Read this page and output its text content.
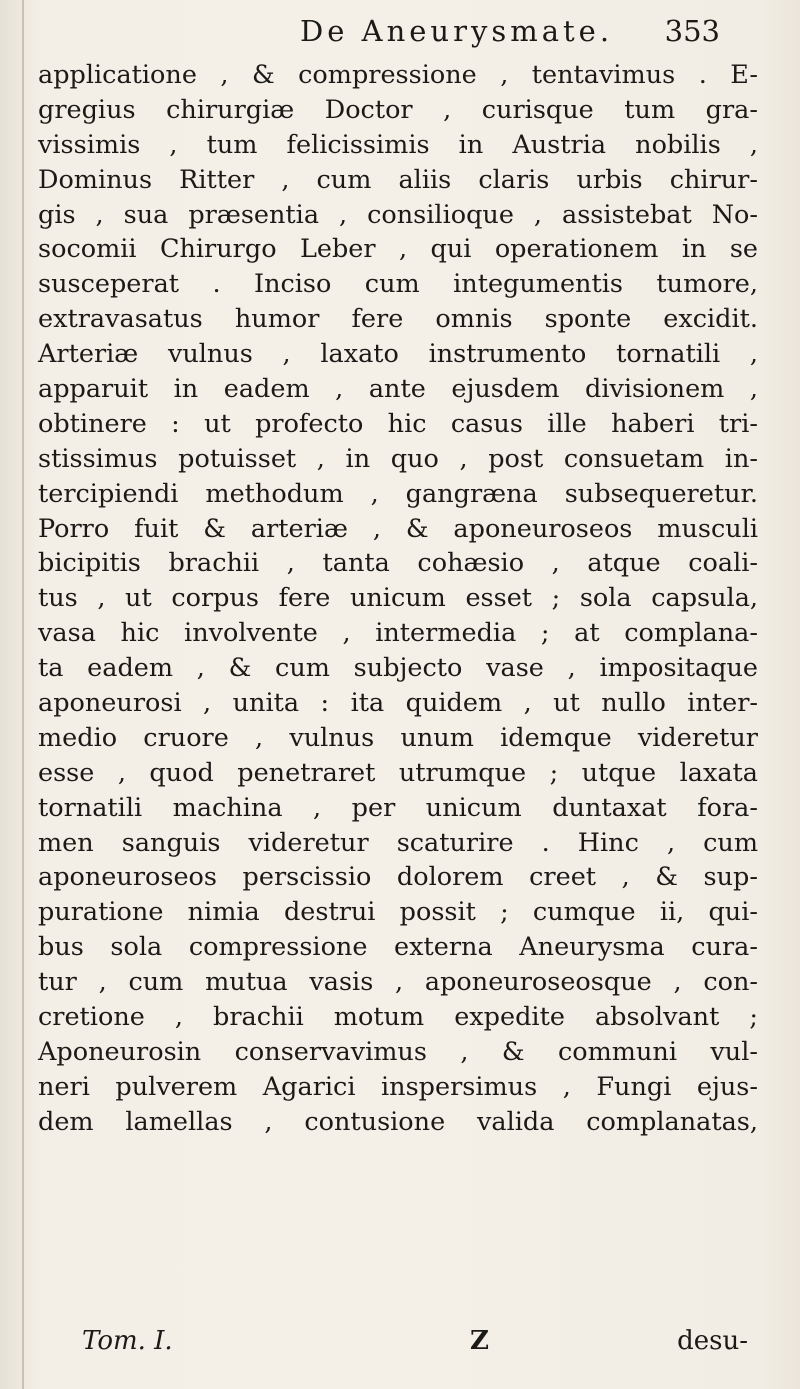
De Aneurysmate. 353
applicatione , & compressione , tentavimus . E-
gregius chirurgiæ Doctor , curisque tum gra-
vissimis , tum felicissimis in Austria nobilis ,
Dominus Ritter , cum aliis claris urbis chirur-
gis , sua præsentia , consilioque , assistebat No-
socomii Chirurgo Leber , qui operationem in se
susceperat . Inciso cum integumentis tumore,
extravasatus humor fere omnis sponte excidit.
Arteriæ vulnus , laxato instrumento tornatili ,
apparuit in eadem , ante ejusdem divisionem ,
obtinere : ut profecto hic casus ille haberi tri-
stissimus potuisset , in quo , post consuetam in-
tercipiendi methodum , gangræna subsequeretur.
Porro fuit & arteriæ , & aponeuroseos musculi
bicipitis brachii , tanta cohæsio , atque coali-
tus , ut corpus fere unicum esset ; sola capsula,
vasa hic involvente , intermedia ; at complana-
ta eadem , & cum subjecto vase , impositaque
aponeurosi , unita : ita quidem , ut nullo inter-
medio cruore , vulnus unum idemque videretur
esse , quod penetraret utrumque ; utque laxata
tornatili machina , per unicum duntaxat fora-
men sanguis videretur scaturire . Hinc , cum
aponeuroseos perscissio dolorem creet , & sup-
puratione nimia destrui possit ; cumque ii, qui-
bus sola compressione externa Aneurysma cura-
tur , cum mutua vasis , aponeuroseosque , con-
cretione , brachii motum expedite absolvant ;
Aponeurosin conservavimus , & communi vul-
neri pulverem Agarici inspersimus , Fungi ejus-
dem lamellas , contusione valida complanatas,
Tom. I.	Z	desu-
